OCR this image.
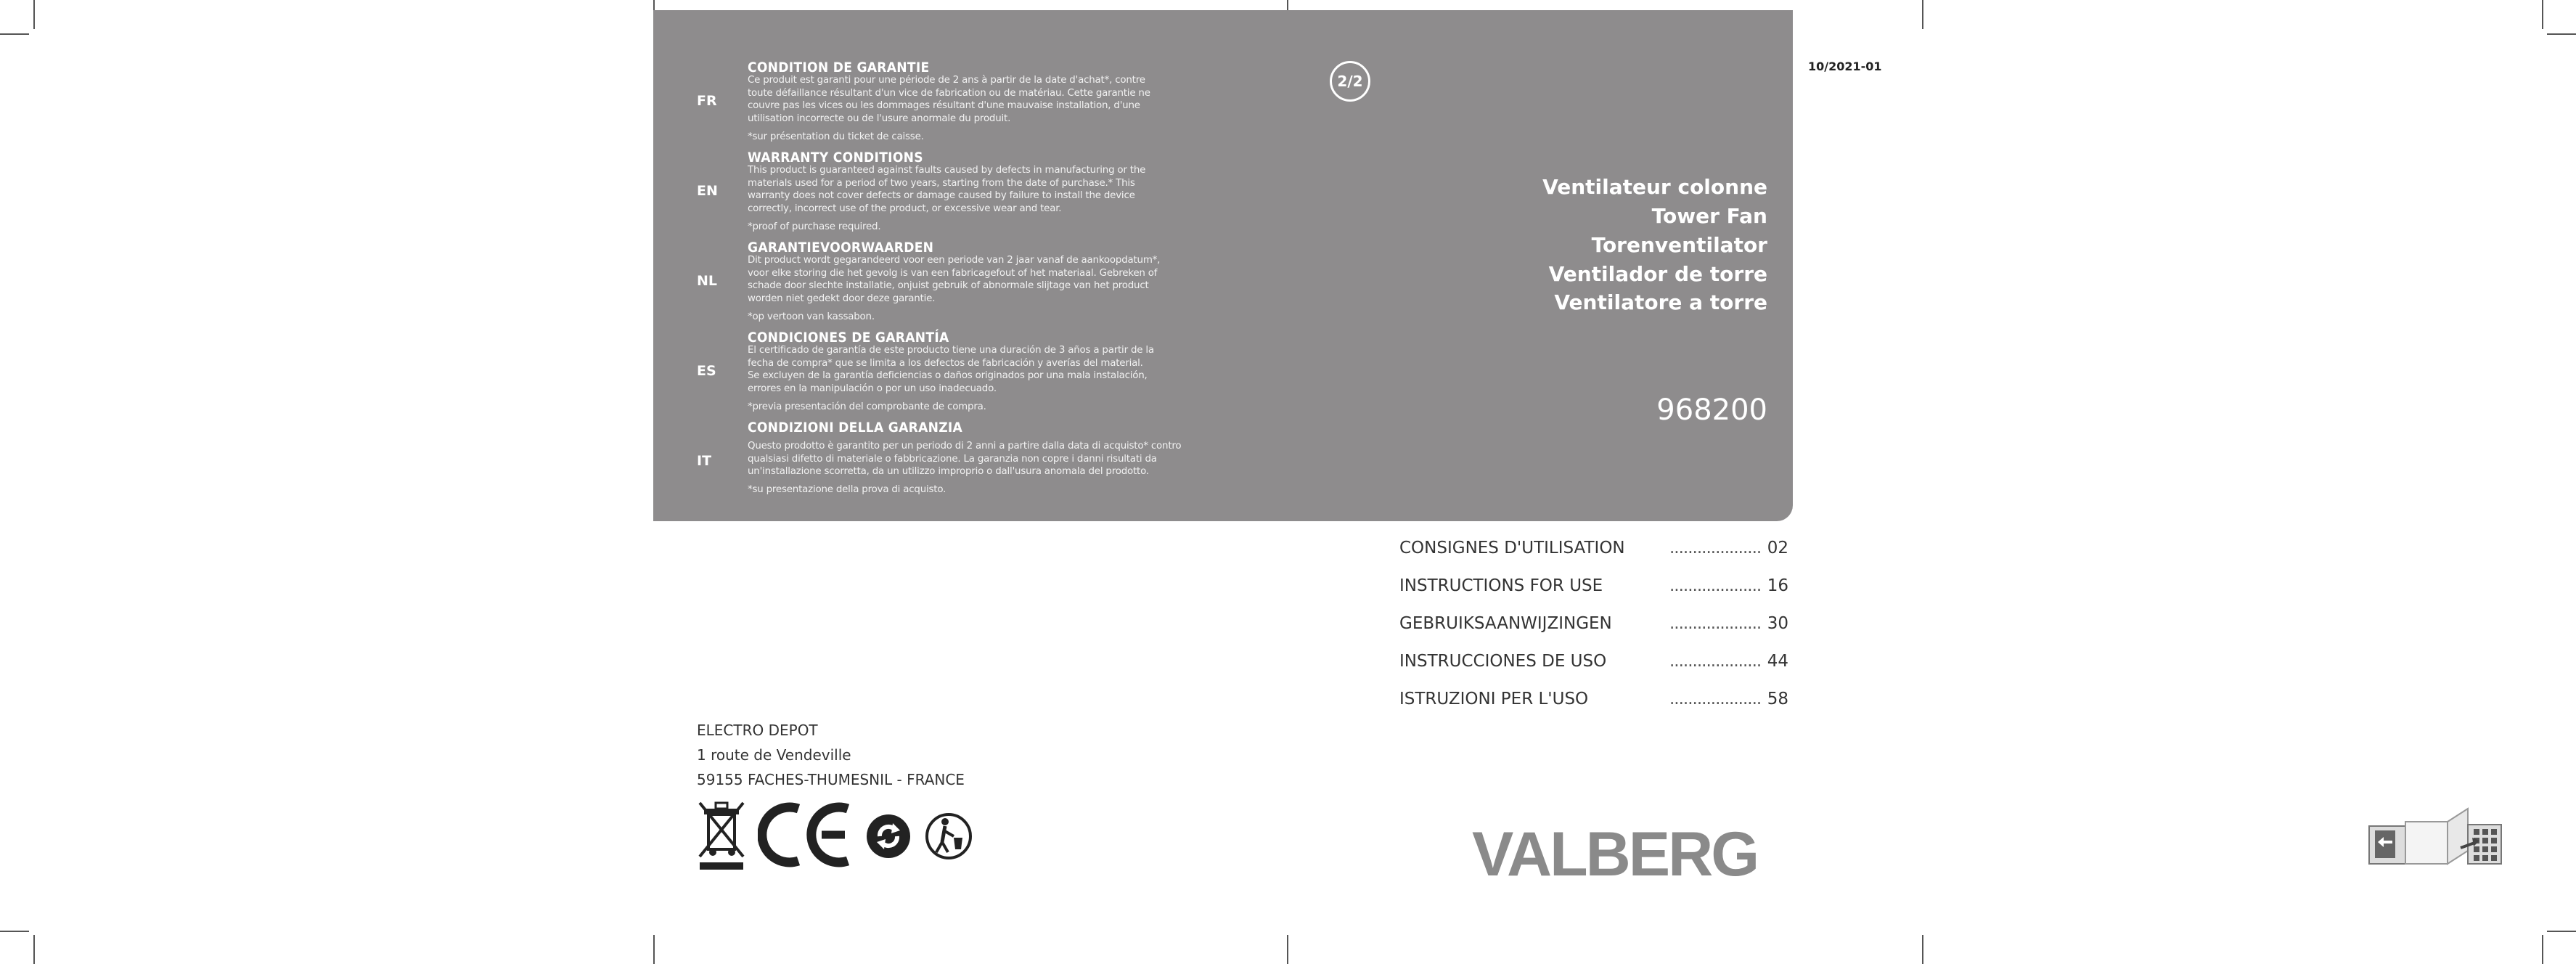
FR
CONDITION DE GARANTIE
Ce produit est garanti pour une période de 2 ans à partir de la date d'achat*, contre
toute défaillance résultant d'un vice de fabrication ou de matériau. Cette garantie ne
couvre pas les vices ou les dommages résultant d'une mauvaise installation, d'une
utilisation incorrecte ou de l'usure anormale du produit.
*sur présentation du ticket de caisse.
EN
WARRANTY CONDITIONS
This product is guaranteed against faults caused by defects in manufacturing or the
materials used for a period of two years, starting from the date of purchase.* This
warranty does not cover defects or damage caused by failure to install the device
correctly, incorrect use of the product, or excessive wear and tear.
*proof of purchase required.
NL
GARANTIEVOORWAARDEN
Dit product wordt gegarandeerd voor een periode van 2 jaar vanaf de aankoopdatum*,
voor elke storing die het gevolg is van een fabricagefout of het materiaal. Gebreken of
schade door slechte installatie, onjuist gebruik of abnormale slijtage van het product
worden niet gedekt door deze garantie.
*op vertoon van kassabon.
ES
CONDICIONES DE GARANTÍA
El certificado de garantía de este producto tiene una duración de 3 años a partir de la
fecha de compra* que se limita a los defectos de fabricación y averías del material.
Se excluyen de la garantía deficiencias o daños originados por una mala instalación,
errores en la manipulación o por un uso inadecuado.
*previa presentación del comprobante de compra.
IT
CONDIZIONI DELLA GARANZIA
Questo prodotto è garantito per un periodo di 2 anni a partire dalla data di acquisto* contro
qualsiasi difetto di materiale o fabbricazione. La garanzia non copre i danni risultati da
un'installazione scorretta, da un utilizzo improprio o dall'usura anomala del prodotto.
*su presentazione della prova di acquisto.
Ventilateur colonne
Tower Fan
Torenventilator
Ventilador de torre
Ventilatore a torre
968200
2/2
10/2021-01
CONSIGNES D'UTILISATION	.................... 02
INSTRUCTIONS FOR USE	.................... 16
GEBRUIKSAANWIJZINGEN	.................... 30
INSTRUCCIONES DE USO	.................... 44
ISTRUZIONI PER L'USO	.................... 58
ELECTRO DEPOT
1 route de Vendeville
59155 FACHES-THUMESNIL - FRANCE
VALBERG
